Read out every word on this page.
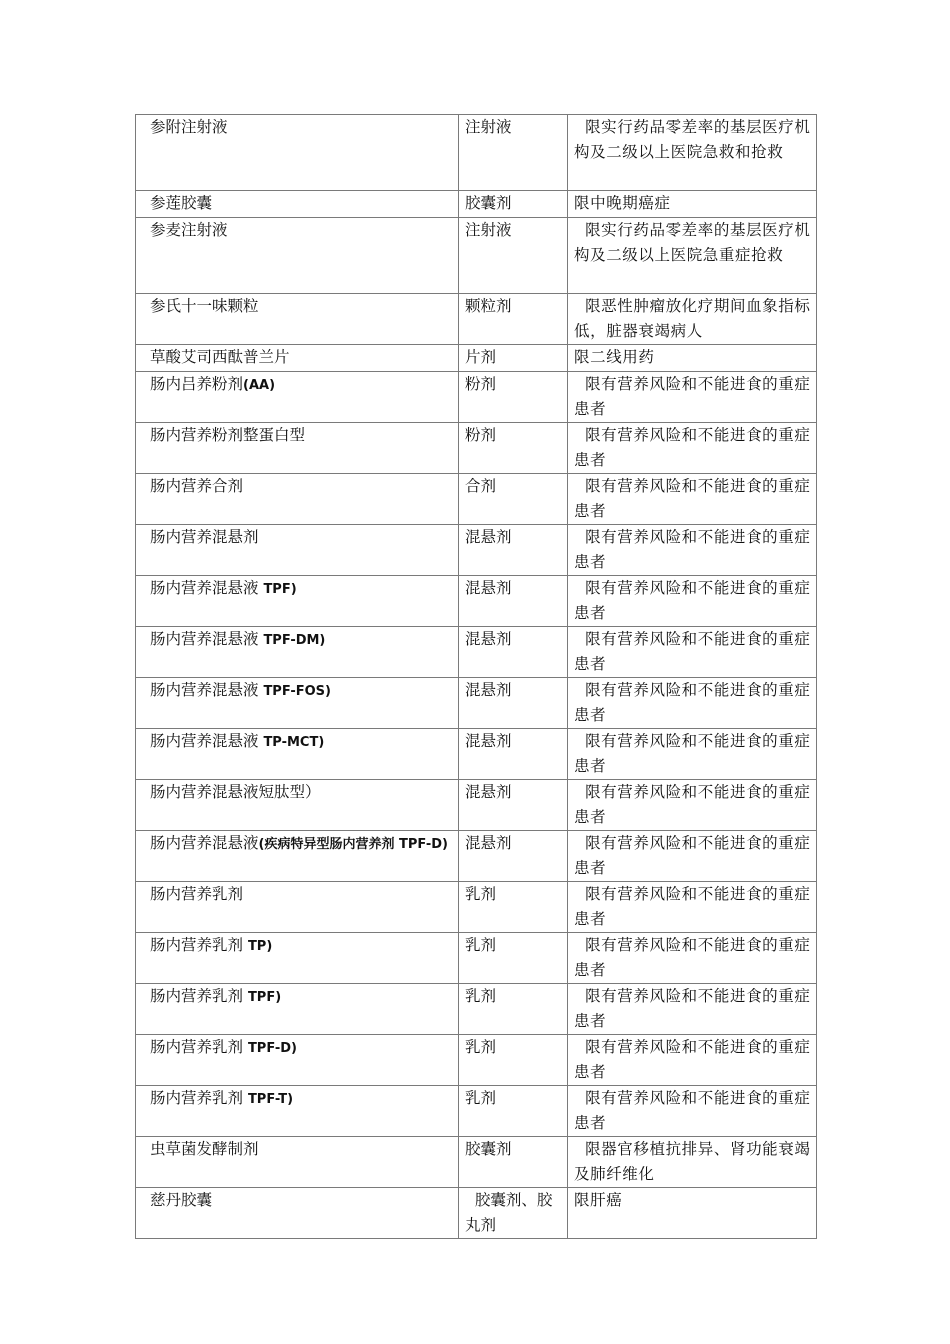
参附注射液	注射液	限实行药品零差率的基层医疗机构及二级以上医院急救和抢救
参莲胶囊	胶囊剂	限中晚期癌症
参麦注射液	注射液	限实行药品零差率的基层医疗机构及二级以上医院急重症抢救
参氏十一味颗粒	颗粒剂	限恶性肿瘤放化疗期间血象指标低，脏器衰竭病人
草酸艾司西酞普兰片	片剂	限二线用药
肠内吕养粉剂(AA)	粉剂	限有营养风险和不能进食的重症患者
肠内营养粉剂整蛋白型	粉剂	限有营养风险和不能进食的重症患者
肠内营养合剂	合剂	限有营养风险和不能进食的重症患者
肠内营养混悬剂	混悬剂	限有营养风险和不能进食的重症患者
肠内营养混悬液 TPF)	混悬剂	限有营养风险和不能进食的重症患者
肠内营养混悬液 TPF-DM)	混悬剂	限有营养风险和不能进食的重症患者
肠内营养混悬液 TPF-FOS)	混悬剂	限有营养风险和不能进食的重症患者
肠内营养混悬液 TP-MCT)	混悬剂	限有营养风险和不能进食的重症患者
肠内营养混悬液短肽型）	混悬剂	限有营养风险和不能进食的重症患者
肠内营养混悬液(疾病特异型肠内营养剂 TPF-D)	混悬剂	限有营养风险和不能进食的重症患者
肠内营养乳剂	乳剂	限有营养风险和不能进食的重症患者
肠内营养乳剂 TP)	乳剂	限有营养风险和不能进食的重症患者
肠内营养乳剂 TPF)	乳剂	限有营养风险和不能进食的重症患者
肠内营养乳剂 TPF-D)	乳剂	限有营养风险和不能进食的重症患者
肠内营养乳剂 TPF-T)	乳剂	限有营养风险和不能进食的重症患者
虫草菌发酵制剂	胶囊剂	限器官移植抗排异、肾功能衰竭及肺纤维化
慈丹胶囊	胶囊剂、胶丸剂	限肝癌
